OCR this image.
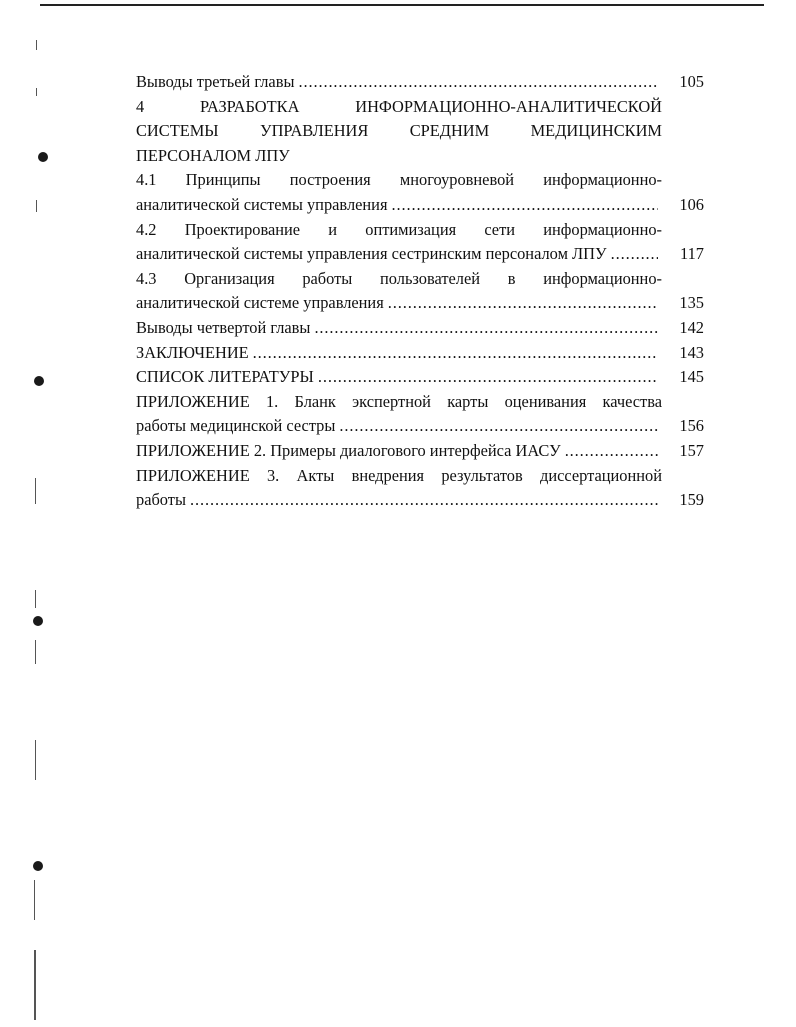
Выводы третьей главы . . .	105
4 РАЗРАБОТКА ИНФОРМАЦИОННО-АНАЛИТИЧЕСКОЙ
СИСТЕМЫ УПРАВЛЕНИЯ СРЕДНИМ МЕДИЦИНСКИМ
ПЕРСОНАЛОМ ЛПУ
4.1 Принципы построения многоуровневой информационно-
аналитической системы управления . . .	106
4.2 Проектирование и оптимизация сети информационно-
аналитической системы управления сестринским персоналом ЛПУ . . .	117
4.3 Организация работы пользователей в информационно-
аналитической системе управления . . .	135
Выводы четвертой главы . . .	142
ЗАКЛЮЧЕНИЕ . . .	143
СПИСОК ЛИТЕРАТУРЫ . . .	145
ПРИЛОЖЕНИЕ 1. Бланк экспертной карты оценивания качества
работы медицинской сестры . . .	156
ПРИЛОЖЕНИЕ 2. Примеры диалогового интерфейса ИАСУ . . .	157
ПРИЛОЖЕНИЕ 3. Акты внедрения результатов диссертационной
работы . . .	159
